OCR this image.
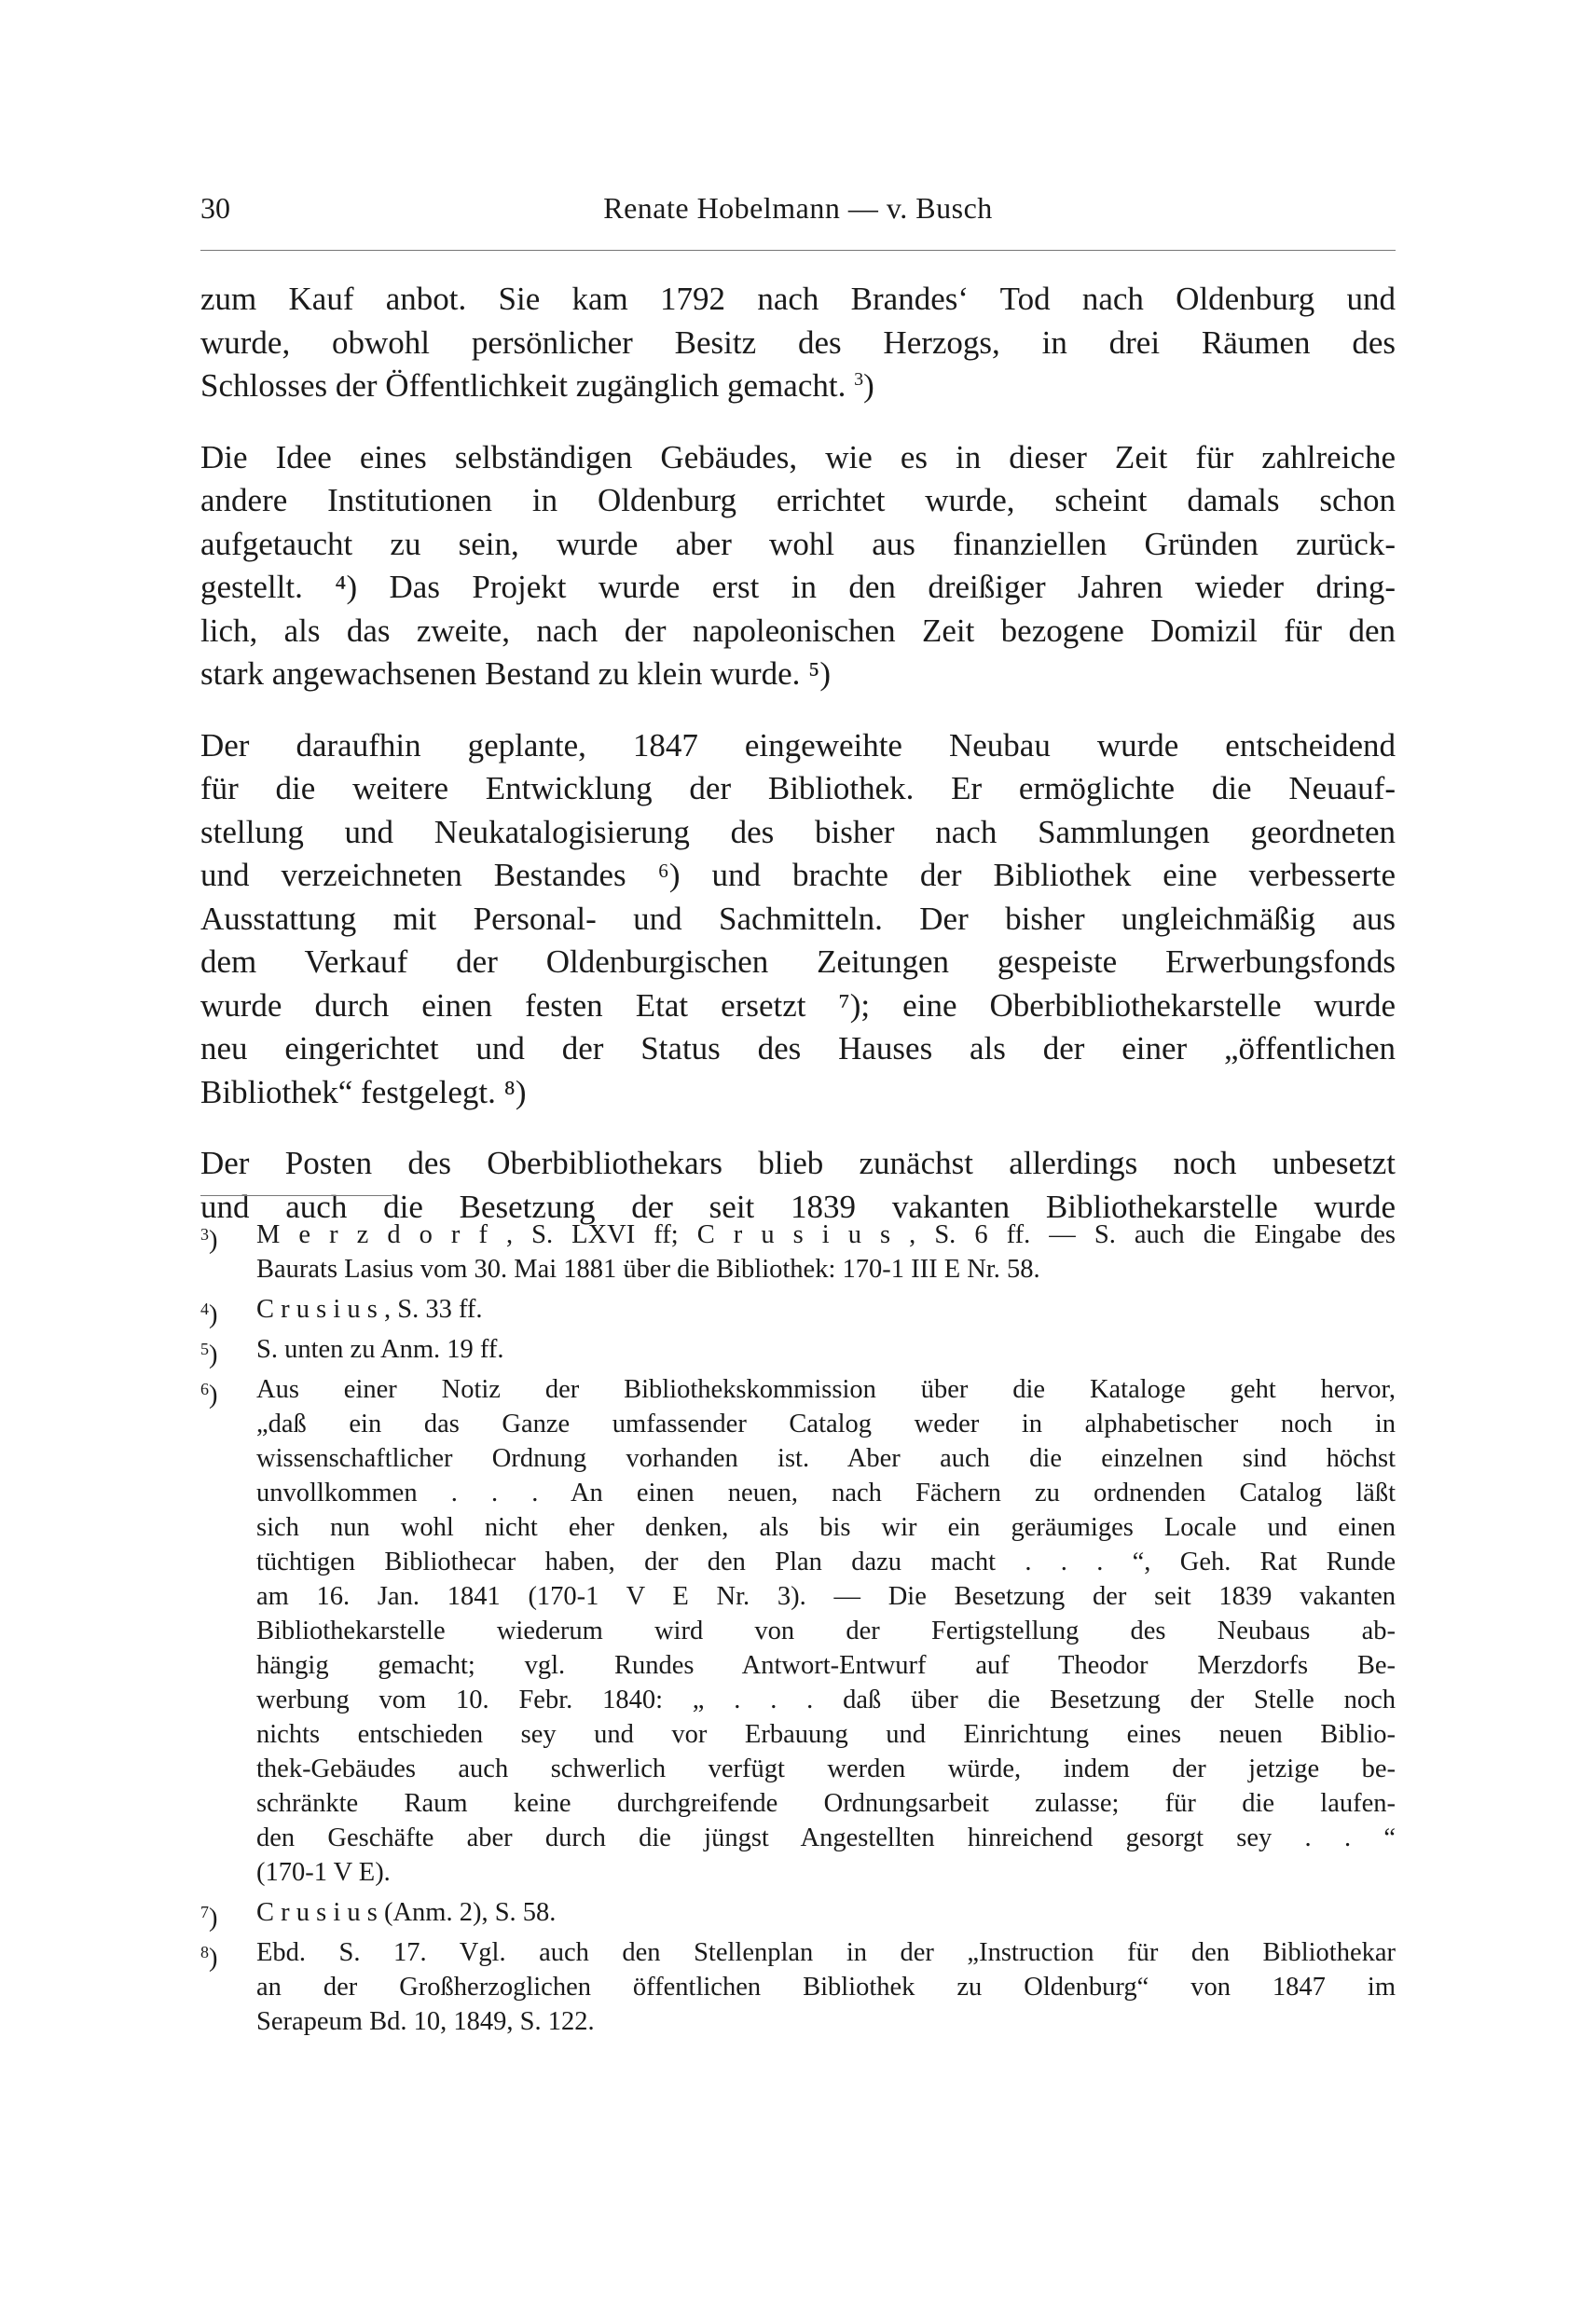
30	Renate Hobelmann — v. Busch

zum Kauf anbot. Sie kam 1792 nach Brandes‘ Tod nach Oldenburg und
wurde, obwohl persönlicher Besitz des Herzogs, in drei Räumen des
Schlosses der Öffentlichkeit zugänglich gemacht. $^3$)

Die Idee eines selbständigen Gebäudes, wie es in dieser Zeit für zahlreiche
andere Institutionen in Oldenburg errichtet wurde, scheint damals schon
aufgetaucht zu sein, wurde aber wohl aus finanziellen Gründen zurück-
gestellt. ⁴) Das Projekt wurde erst in den dreißiger Jahren wieder dring-
lich, als das zweite, nach der napoleonischen Zeit bezogene Domizil für den
stark angewachsenen Bestand zu klein wurde. ⁵)

Der daraufhin geplante, 1847 eingeweihte Neubau wurde entscheidend
für die weitere Entwicklung der Bibliothek. Er ermöglichte die Neuauf-
stellung und Neukatalogisierung des bisher nach Sammlungen geordneten
und verzeichneten Bestandes ⁶) und brachte der Bibliothek eine verbesserte
Ausstattung mit Personal- und Sachmitteln. Der bisher ungleichmäßig aus
dem Verkauf der Oldenburgischen Zeitungen gespeiste Erwerbungsfonds
wurde durch einen festen Etat ersetzt ⁷); eine Oberbibliothekarstelle wurde
neu eingerichtet und der Status des Hauses als der einer „öffentlichen
Bibliothek“ festgelegt. ⁸)

Der Posten des Oberbibliothekars blieb zunächst allerdings noch unbesetzt
und auch die Besetzung der seit 1839 vakanten Bibliothekarstelle wurde

$^3$) M e r z d o r f , S. LXVI ff; C r u s i u s , S. 6 ff. — S. auch die Eingabe des
Baurats Lasius vom 30. Mai 1881 über die Bibliothek: 170-1 III E Nr. 58.
$^4$) C r u s i u s , S. 33 ff.
$^5$) S. unten zu Anm. 19 ff.
$^6$) Aus einer Notiz der Bibliothekskommission über die Kataloge geht hervor,
„daß ein das Ganze umfassender Catalog weder in alphabetischer noch in
wissenschaftlicher Ordnung vorhanden ist. Aber auch die einzelnen sind höchst
unvollkommen . . . An einen neuen, nach Fächern zu ordnenden Catalog läßt
sich nun wohl nicht eher denken, als bis wir ein geräumiges Locale und einen
tüchtigen Bibliothecar haben, der den Plan dazu macht . . . “, Geh. Rat Runde
am 16. Jan. 1841 (170-1 V E Nr. 3). — Die Besetzung der seit 1839 vakanten
Bibliothekarstelle wiederum wird von der Fertigstellung des Neubaus ab-
hängig gemacht; vgl. Rundes Antwort-Entwurf auf Theodor Merzdorfs Be-
werbung vom 10. Febr. 1840: „ . . . daß über die Besetzung der Stelle noch
nichts entschieden sey und vor Erbauung und Einrichtung eines neuen Biblio-
thek-Gebäudes auch schwerlich verfügt werden würde, indem der jetzige be-
schränkte Raum keine durchgreifende Ordnungsarbeit zulasse; für die laufen-
den Geschäfte aber durch die jüngst Angestellten hinreichend gesorgt sey . . “
(170-1 V E).
$^7$) C r u s i u s (Anm. 2), S. 58.
$^8$) Ebd. S. 17. Vgl. auch den Stellenplan in der „Instruction für den Bibliothekar
an der Großherzoglichen öffentlichen Bibliothek zu Oldenburg“ von 1847 im
Serapeum Bd. 10, 1849, S. 122.
